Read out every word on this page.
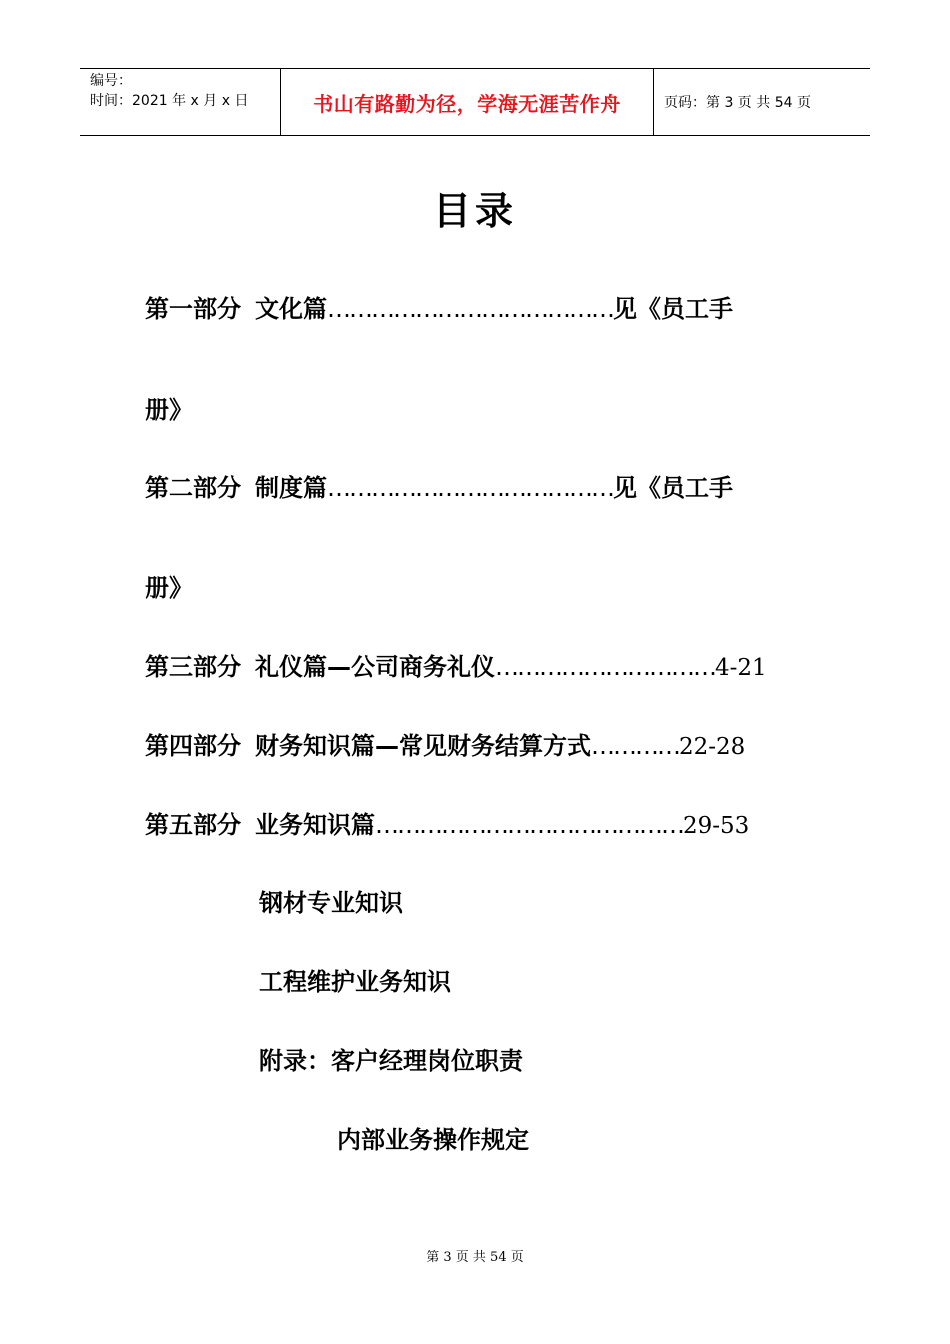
编号：
时间：2021 年 x 月 x 日	书山有路勤为径，学海无涯苦作舟	页码：第 3 页 共 54 页
目录
第一部分 文化篇…………………………………见《员工手
册》
第二部分 制度篇…………………………………见《员工手
册》
第三部分 礼仪篇—公司商务礼仪…………………………4-21
第四部分 财务知识篇—常见财务结算方式…………22-28
第五部分 业务知识篇……………………………………29-53
钢材专业知识
工程维护业务知识
附录：客户经理岗位职责
内部业务操作规定
第 3 页 共 54 页
